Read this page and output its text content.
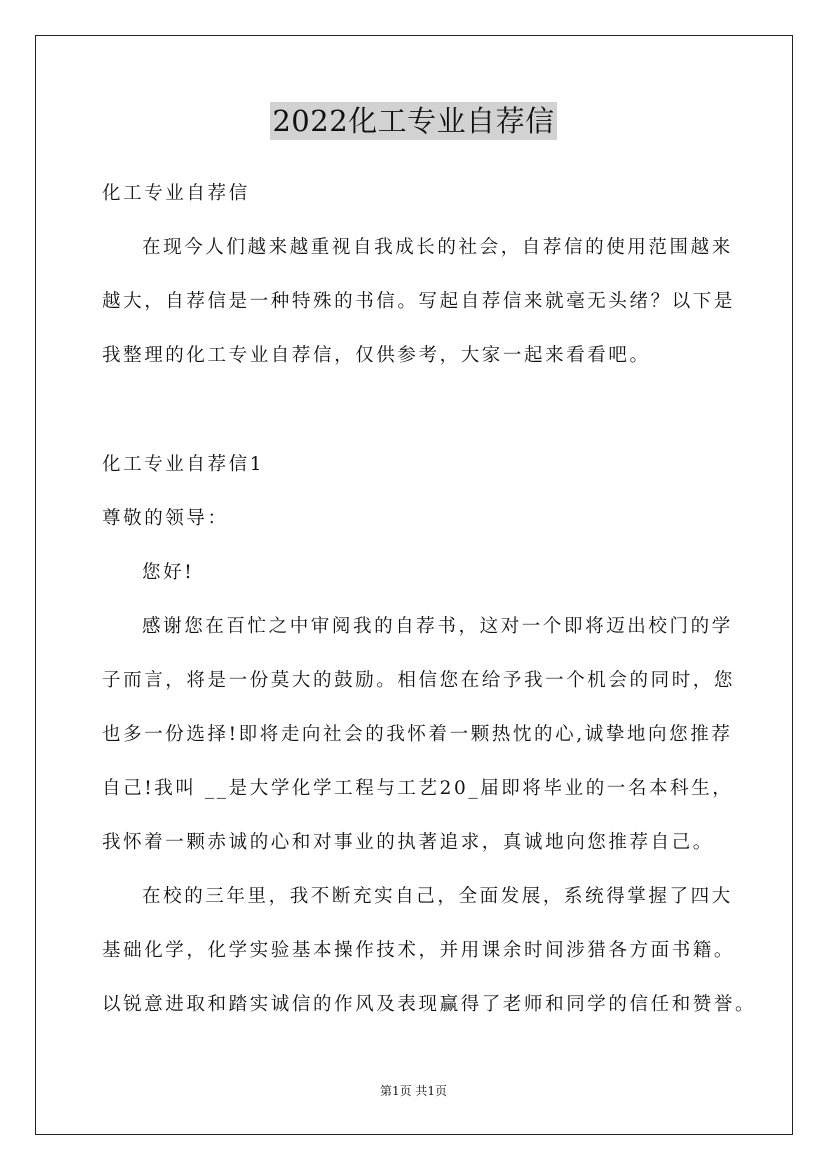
2022化工专业自荐信
化工专业自荐信
在现今人们越来越重视自我成长的社会，自荐信的使用范围越来
越大，自荐信是一种特殊的书信。写起自荐信来就毫无头绪？以下是
我整理的化工专业自荐信，仅供参考，大家一起来看看吧。
化工专业自荐信1
尊敬的领导：
您好!
感谢您在百忙之中审阅我的自荐书，这对一个即将迈出校门的学
子而言，将是一份莫大的鼓励。相信您在给予我一个机会的同时，您
也多一份选择!即将走向社会的我怀着一颗热忱的心,诚挚地向您推荐
自己!我叫 __是大学化学工程与工艺20_届即将毕业的一名本科生，
我怀着一颗赤诚的心和对事业的执著追求，真诚地向您推荐自己。
在校的三年里，我不断充实自己，全面发展，系统得掌握了四大
基础化学，化学实验基本操作技术，并用课余时间涉猎各方面书籍。
以锐意进取和踏实诚信的作风及表现赢得了老师和同学的信任和赞誉。
第1页 共1页
